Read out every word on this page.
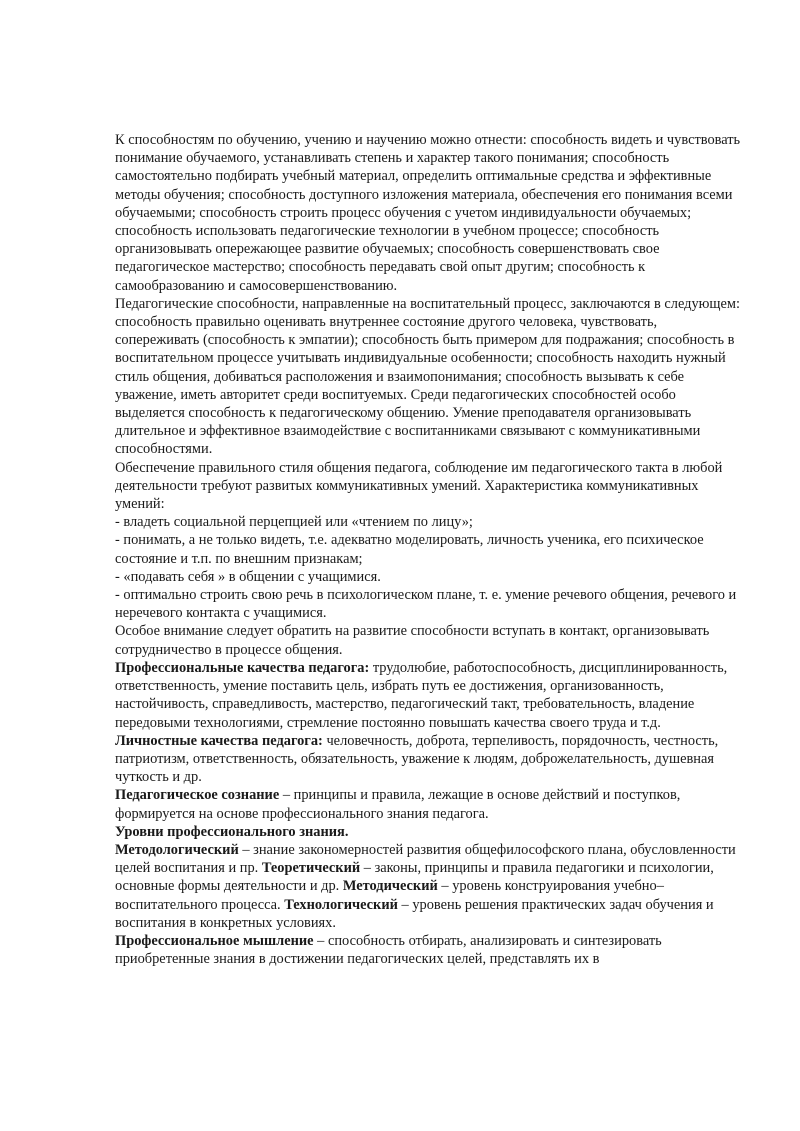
К способностям по обучению, учению и научению можно отнести: способность видеть и чувствовать понимание обучаемого, устанавливать степень и характер такого понимания; способность самостоятельно подбирать учебный материал, определить оптимальные средства и эффективные методы обучения; способность доступного изложения материала, обеспечения его понимания всеми обучаемыми; способность строить процесс обучения с учетом индивидуальности обучаемых; способность использовать педагогические технологии в учебном процессе; способность организовывать опережающее развитие обучаемых; способность совершенствовать свое педагогическое мастерство; способность передавать свой опыт другим; способность к самообразованию и самосовершенствованию.

Педагогические способности, направленные на воспитательный процесс, заключаются в следующем: способность правильно оценивать внутреннее состояние другого человека, чувствовать, сопереживать (способность к эмпатии); способность быть примером для подражания; способность в воспитательном процессе учитывать индивидуальные особенности; способность находить нужный стиль общения, добиваться расположения и взаимопонимания; способность вызывать к себе уважение, иметь авторитет среди воспитуемых. Среди педагогических способностей особо выделяется способность к педагогическому общению. Умение преподавателя организовывать длительное и эффективное взаимодействие с воспитанниками связывают с коммуникативными способностями.

Обеспечение правильного стиля общения педагога, соблюдение им педагогического такта в любой деятельности требуют развитых коммуникативных умений. Характеристика коммуникативных умений:

- владеть социальной перцепцией или «чтением по лицу»;

- понимать, а не только видеть, т.е. адекватно моделировать, личность ученика, его психическое состояние и т.п. по внешним признакам;

- «подавать себя » в общении с учащимися.

- оптимально строить свою речь в психологическом плане, т. е. умение речевого общения, речевого и неречевого контакта с учащимися.

Особое внимание следует обратить на развитие способности вступать в контакт, организовывать сотрудничество в процессе общения.

Профессиональные качества педагога: трудолюбие, работоспособность, дисциплинированность, ответственность, умение поставить цель, избрать путь ее достижения, организованность, настойчивость, справедливость, мастерство, педагогический такт, требовательность, владение передовыми технологиями, стремление постоянно повышать качества своего труда и т.д.

Личностные качества педагога: человечность, доброта, терпеливость, порядочность, честность, патриотизм, ответственность, обязательность, уважение к людям, доброжелательность, душевная чуткость и др.

Педагогическое сознание – принципы и правила, лежащие в основе действий и поступков, формируется на основе профессионального знания педагога.

Уровни профессионального знания.

Методологический – знание закономерностей развития общефилософского плана, обусловленности целей воспитания и пр. Теоретический – законы, принципы и правила педагогики и психологии, основные формы деятельности и др. Методический – уровень конструирования учебно–воспитательного процесса. Технологический – уровень решения практических задач обучения и воспитания в конкретных условиях.

Профессиональное мышление – способность отбирать, анализировать и синтезировать приобретенные знания в достижении педагогических целей, представлять их в
